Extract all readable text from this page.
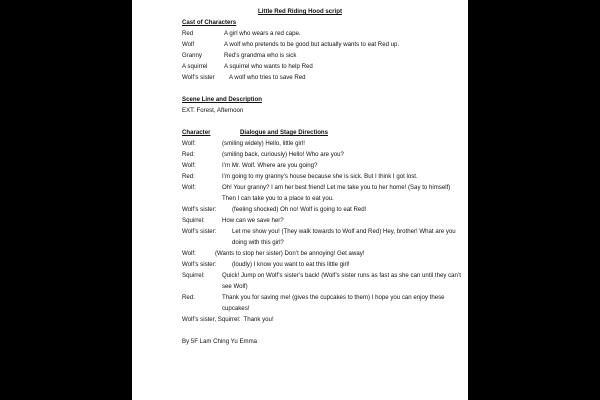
Little Red Riding Hood script
Cast of Characters
Red	A girl who wears a red cape.
Wolf	A wolf who pretends to be good but actually wants to eat Red up.
Granny	Red’s grandma who is sick
A squirrel	A squirrel who wants to help Red
Wolf’s sister	A wolf who tries to save Red
Scene Line and Description
EXT: Forest, Afternoon
Character	Dialogue and Stage Directions
Wolf:	(smiling widely) Hello, little girl!
Red:	(smiling back, curiously) Hello! Who are you?
Wolf:	I’m Mr. Wolf. Where are you going?
Red:	I’m going to my granny’s house because she is sick. But I think I got lost.
Wolf:	Oh! Your granny? I am her best friend! Let me take you to her home! (Say to himself) Then I can take you to a place to eat you.
Wolf’s sister:	(feeling shocked) Oh no! Wolf is going to eat Red!
Squirrel:	How can we save her?
Wolf’s sister:	Let me show you! (They walk towards to Wolf and Red) Hey, brother! What are you doing with this girl?
Wolf:	(Wants to stop her sister) Don’t be annoying! Get away!
Wolf’s sister:	(loudly) I know you want to eat this little girl!
Squirrel:	Quick! Jump on Wolf’s sister’s back! (Wolf’s sister runs as fast as she can until they can’t see Wolf)
Red:	Thank you for saving me! (gives the cupcakes to them) I hope you can enjoy these cupcakes!
Wolf’s sister, Squirrel: Thank you!
By 5F Lam Ching Yu Emma
